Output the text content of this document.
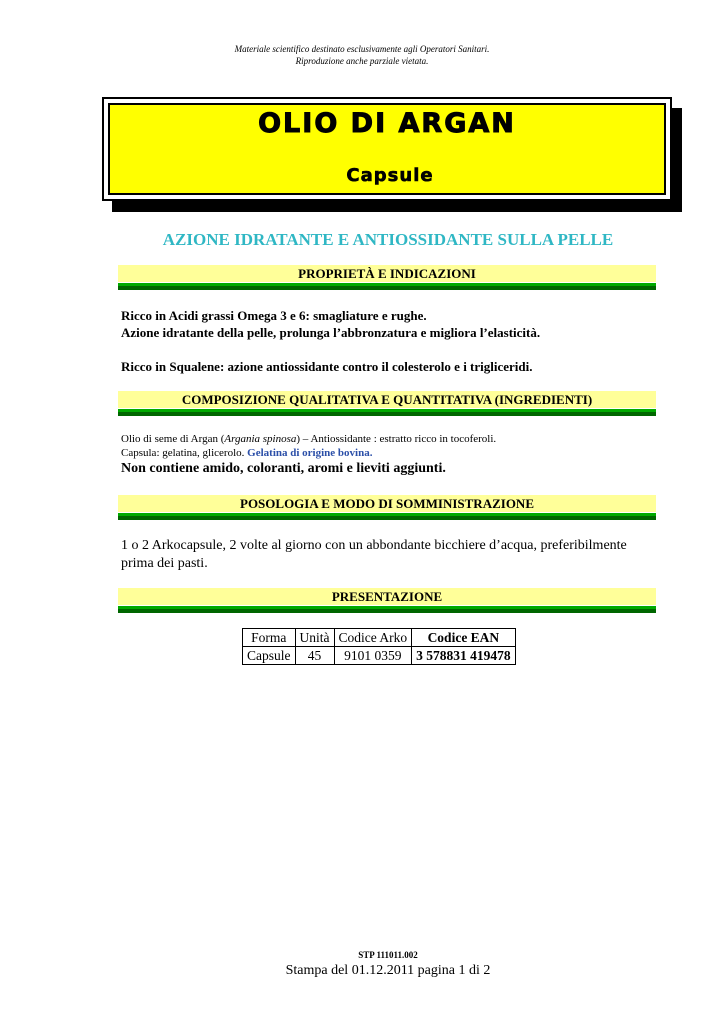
Materiale scientifico destinato esclusivamente agli Operatori Sanitari.
Riproduzione anche parziale vietata.
OLIO DI ARGAN
Capsule
AZIONE IDRATANTE E ANTIOSSIDANTE SULLA PELLE
PROPRIETÀ E INDICAZIONI
Ricco in Acidi grassi Omega 3 e 6: smagliature e rughe.
Azione idratante della pelle, prolunga l’abbronzatura e migliora l’elasticità.
Ricco in Squalene: azione antiossidante contro il colesterolo e i trigliceridi.
COMPOSIZIONE QUALITATIVA E QUANTITATIVA (INGREDIENTI)
Olio di seme di Argan (Argania spinosa) – Antiossidante : estratto ricco in tocoferoli.
Capsula: gelatina, glicerolo. Gelatina di origine bovina.
Non contiene amido, coloranti, aromi e lieviti aggiunti.
POSOLOGIA E MODO DI SOMMINISTRAZIONE
1 o 2 Arkocapsule, 2 volte al giorno con un abbondante bicchiere d’acqua, preferibilmente prima dei pasti.
PRESENTAZIONE
Forma	Unità	Codice Arko	Codice EAN
Capsule	45	9101 0359	3 578831 419478
STP 111011.002
Stampa del 01.12.2011 pagina 1 di 2
